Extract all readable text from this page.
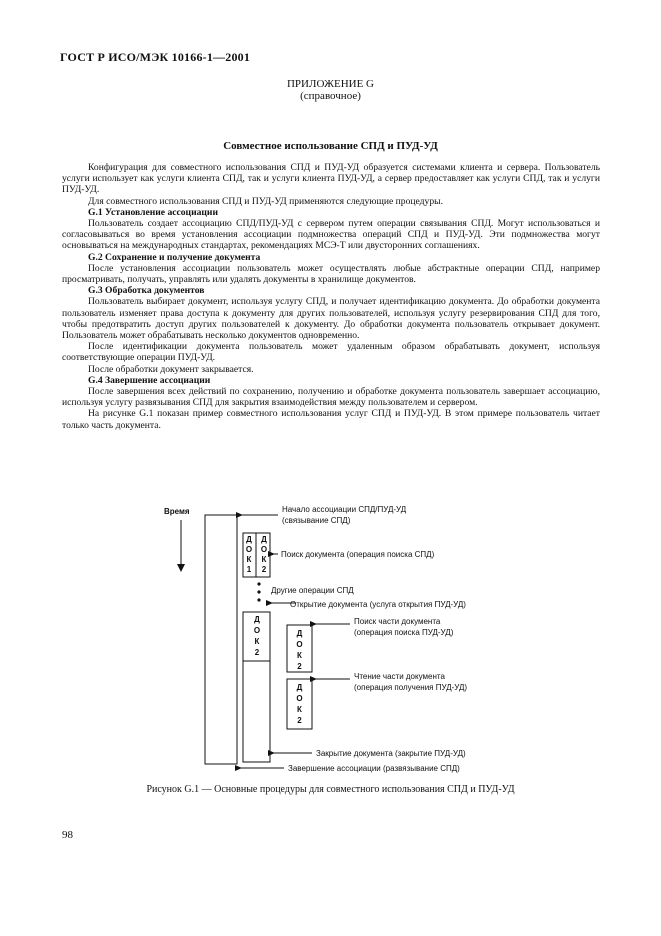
ГОСТ Р ИСО/МЭК 10166-1—2001
ПРИЛОЖЕНИЕ G
(справочное)
Совместное использование СПД и ПУД-УД

Конфигурация для совместного использования СПД и ПУД-УД образуется системами клиента и сервера. Пользователь услуги использует как услуги клиента СПД, так и услуги клиента ПУД-УД, а сервер предоставляет как услуги СПД, так и услуги ПУД-УД.

Для совместного использования СПД и ПУД-УД применяются следующие процедуры.

G.1 Установление ассоциации

Пользователь создает ассоциацию СПД/ПУД-УД с сервером путем операции связывания СПД. Могут использоваться и согласовываться во время установления ассоциации подмножества операций СПД и ПУД-УД. Эти подмножества могут основываться на международных стандартах, рекомендациях МСЭ-Т или двусторонних соглашениях.

G.2 Сохранение и получение документа

После установления ассоциации пользователь может осуществлять любые абстрактные операции СПД, например просматривать, получать, управлять или удалять документы в хранилище документов.

G.3 Обработка документов

Пользователь выбирает документ, используя услугу СПД, и получает идентификацию документа. До обработки документа пользователь изменяет права доступа к документу для других пользователей, используя услугу резервирования СПД для того, чтобы предотвратить доступ других пользователей к документу. До обработки документа пользователь открывает документ. Пользователь может обрабатывать несколько документов одновременно.

После идентификации документа пользователь может удаленным образом обрабатывать документ, используя соответствующие операции ПУД-УД.

После обработки документ закрывается.

G.4 Завершение ассоциации

После завершения всех действий по сохранению, получению и обработке документа пользователь завершает ассоциацию, используя услугу развязывания СПД для закрытия взаимодействия между пользователем и сервером.

На рисунке G.1 показан пример совместного использования услуг СПД и ПУД-УД. В этом примере пользователь читает только часть документа.

Время
Д
О
К
1
Д
О
К
2
Д
О
К
2
Д
О
К
2
Д
О
К
2
Начало ассоциации СПД/ПУД-УД
(связывание СПД)
Поиск документа (операция поиска СПД)
Другие операции СПД
Открытие документа (услуга открытия ПУД-УД)
Поиск части документа
(операция поиска ПУД-УД)
Чтение части документа
(операция получения ПУД-УД)
Закрытие документа (закрытие ПУД-УД)
Завершение ассоциации (развязывание СПД)
Рисунок G.1 — Основные процедуры для совместного использования СПД и ПУД-УД
98
